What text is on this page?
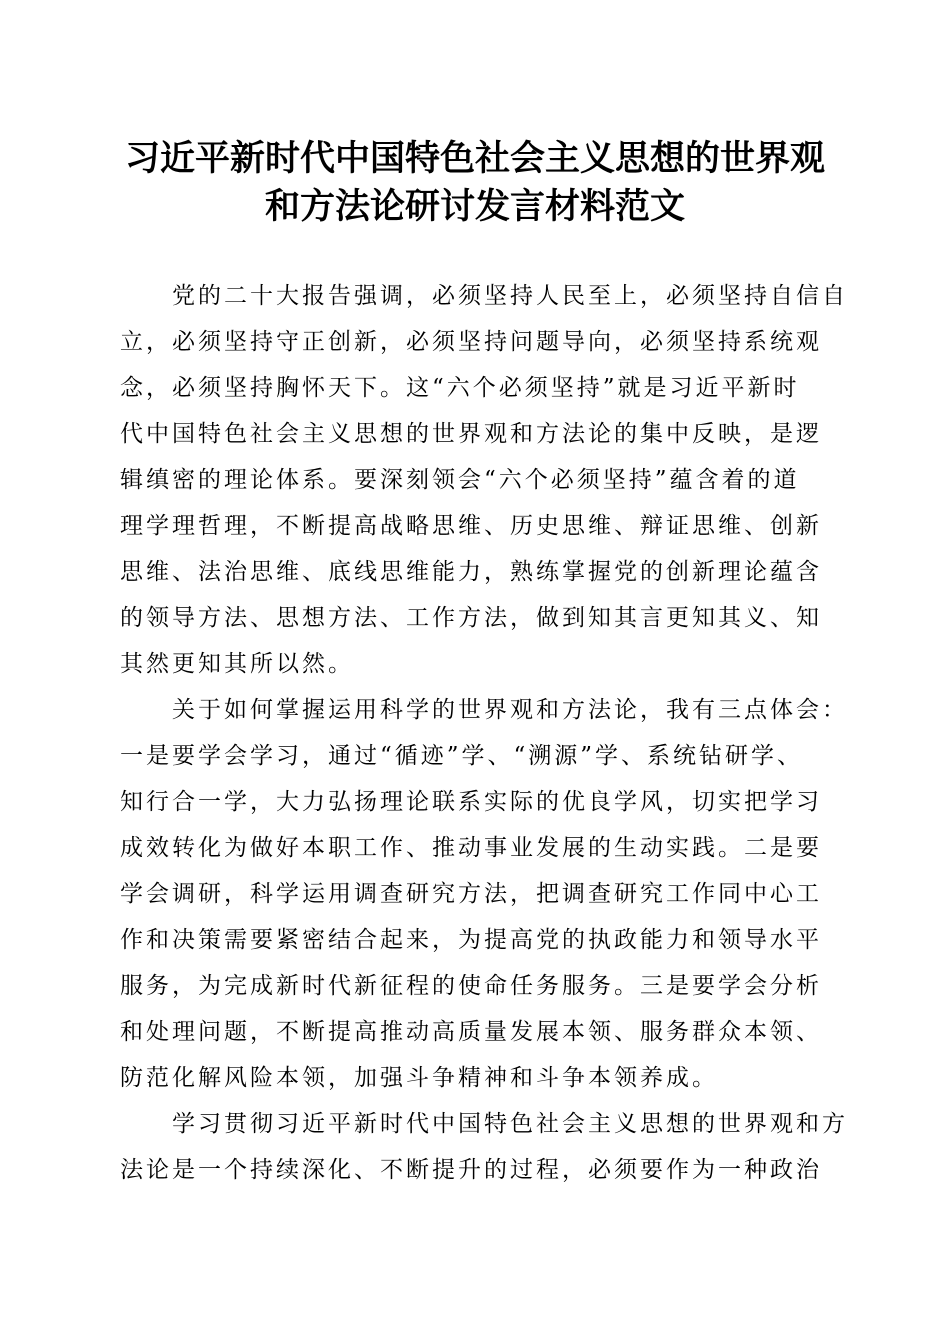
习近平新时代中国特色社会主义思想的世界观
和方法论研讨发言材料范文
　　党的二十大报告强调，必须坚持人民至上，必须坚持自信自
立，必须坚持守正创新，必须坚持问题导向，必须坚持系统观
念，必须坚持胸怀天下。这“六个必须坚持”就是习近平新时
代中国特色社会主义思想的世界观和方法论的集中反映，是逻
辑缜密的理论体系。要深刻领会“六个必须坚持”蕴含着的道
理学理哲理，不断提高战略思维、历史思维、辩证思维、创新
思维、法治思维、底线思维能力，熟练掌握党的创新理论蕴含
的领导方法、思想方法、工作方法，做到知其言更知其义、知
其然更知其所以然。
　　关于如何掌握运用科学的世界观和方法论，我有三点体会：
一是要学会学习，通过“循迹”学、“溯源”学、系统钻研学、
知行合一学，大力弘扬理论联系实际的优良学风，切实把学习
成效转化为做好本职工作、推动事业发展的生动实践。二是要
学会调研，科学运用调查研究方法，把调查研究工作同中心工
作和决策需要紧密结合起来，为提高党的执政能力和领导水平
服务，为完成新时代新征程的使命任务服务。三是要学会分析
和处理问题，不断提高推动高质量发展本领、服务群众本领、
防范化解风险本领，加强斗争精神和斗争本领养成。
　　学习贯彻习近平新时代中国特色社会主义思想的世界观和方
法论是一个持续深化、不断提升的过程，必须要作为一种政治
